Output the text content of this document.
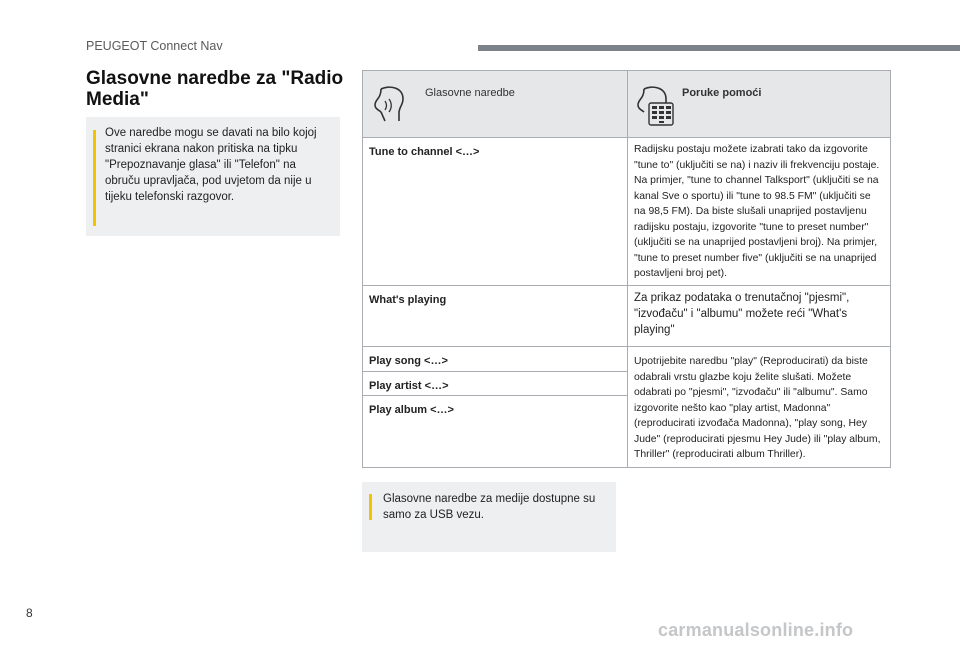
PEUGEOT Connect Nav
Glasovne naredbe za "Radio Media"
Ove naredbe mogu se davati na bilo kojoj stranici ekrana nakon pritiska na tipku "Prepoznavanje glasa" ili "Telefon" na obruču upravljača, pod uvjetom da nije u tijeku telefonski razgovor.
Glasovne naredbe	Poruke pomoći

Tune to channel <…>	Radijsku postaju možete izabrati tako da izgovorite "tune to" (uključiti se na) i naziv ili frekvenciju postaje. Na primjer, "tune to channel Talksport" (uključiti se na kanal Sve o sportu) ili "tune to 98.5 FM" (uključiti se na 98,5 FM). Da biste slušali unaprijed postavljenu radijsku postaju, izgovorite "tune to preset number" (uključiti se na unaprijed postavljeni broj). Na primjer, "tune to preset number five" (uključiti se na unaprijed postavljeni broj pet).

What's playing	Za prikaz podataka o trenutačnoj "pjesmi", "izvođaču" i "albumu" možete reći "What's playing"

Play song <…>	Upotrijebite naredbu "play" (Reproducirati) da biste odabrali vrstu glazbe koju želite slušati. Možete odabrati po "pjesmi", "izvođaču" ili "albumu". Samo izgovorite nešto kao "play artist, Madonna" (reproducirati izvođača Madonna), "play song, Hey Jude" (reproducirati pjesmu Hey Jude) ili "play album, Thriller" (reproducirati album Thriller).

Play artist <…>	

Play album <…>	
Glasovne naredbe za medije dostupne su samo za USB vezu.
8
carmanualsonline.info
